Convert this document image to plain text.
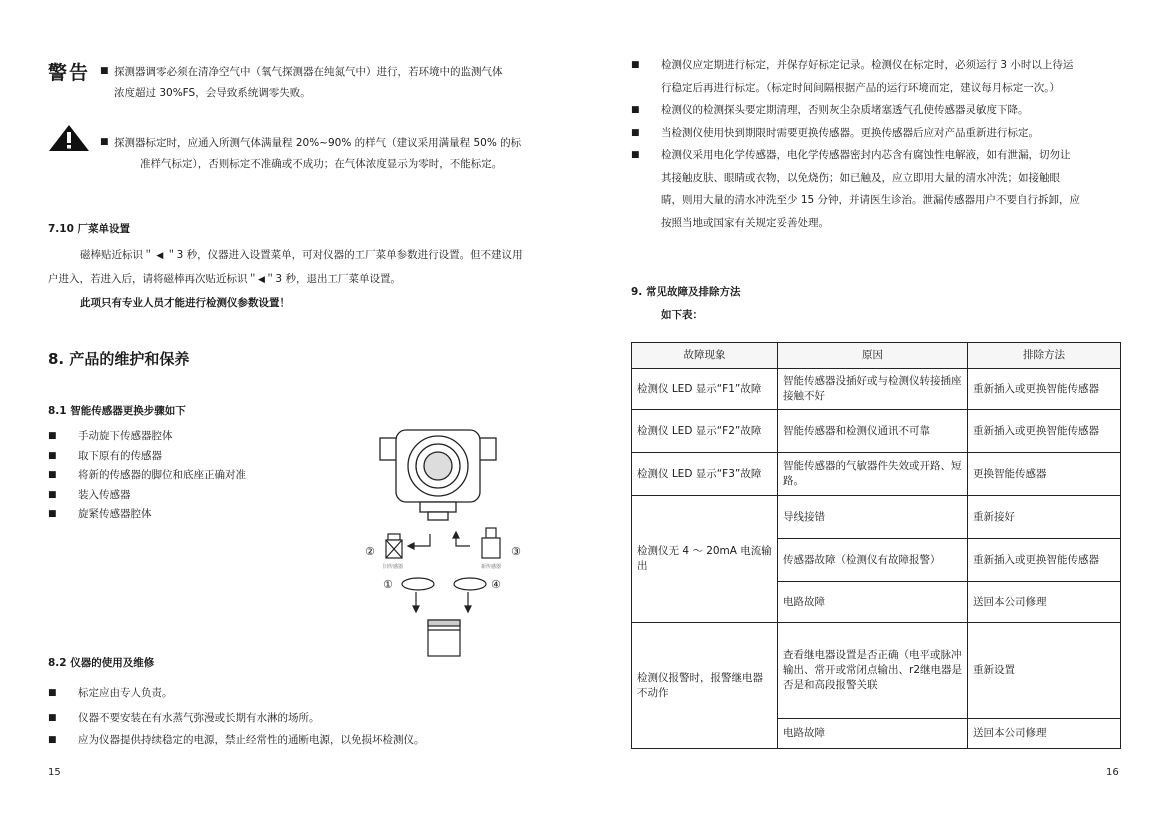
警告 ■ 探测器调零必须在清净空气中（氧气探测器在纯氮气中）进行，若环境中的监测气体
浓度超过 30%FS，会导致系统调零失败。
■ 探测器标定时，应通入所测气体满量程 20%~90% 的样气（建议采用满量程 50% 的标
准样气标定），否则标定不准确或不成功；在气体浓度显示为零时，不能标定。
7.10 厂菜单设置
磁棒贴近标识＂ ◀ ＂3 秒，仪器进入设置菜单，可对仪器的工厂菜单参数进行设置。但不建议用
户进入，若进入后，请将磁棒再次贴近标识＂◀＂3 秒，退出工厂菜单设置。
此项只有专业人员才能进行检测仪参数设置！
8. 产品的维护和保养
8.1 智能传感器更换步骤如下
■ 手动旋下传感器腔体
■ 取下原有的传感器
■ 将新的传感器的脚位和底座正确对准
■ 装入传感器
■ 旋紧传感器腔体
②	③
①	④
旧传感器	新传感器
8.2 仪器的使用及维修
■ 标定应由专人负责。
■ 仪器不要安装在有水蒸气弥漫或长期有水淋的场所。
■ 应为仪器提供持续稳定的电源，禁止经常性的通断电源，以免损坏检测仪。
15
■ 检测仪应定期进行标定，并保存好标定记录。检测仪在标定时，必须运行 3 小时以上待运
行稳定后再进行标定。（标定时间间隔根据产品的运行环境而定，建议每月标定一次。）
■ 检测仪的检测探头要定期清理，否则灰尘杂质堵塞透气孔使传感器灵敏度下降。
■ 当检测仪使用快到期限时需要更换传感器。更换传感器后应对产品重新进行标定。
■ 检测仪采用电化学传感器，电化学传感器密封内芯含有腐蚀性电解液，如有泄漏，切勿让
其接触皮肤、眼睛或衣物，以免烧伤；如已触及，应立即用大量的清水冲洗；如接触眼
睛，则用大量的清水冲洗至少 15 分钟，并请医生诊治。泄漏传感器用户不要自行拆卸，应
按照当地或国家有关规定妥善处理。
9. 常见故障及排除方法
如下表：
故障现象	原因	排除方法
检测仪 LED 显示“F1”故障	智能传感器没插好或与检测仪转接插座接触不好	重新插入或更换智能传感器
检测仪 LED 显示“F2”故障	智能传感器和检测仪通讯不可靠	重新插入或更换智能传感器
检测仪 LED 显示“F3”故障	智能传感器的气敏器件失效或开路、短路。	更换智能传感器
检测仪无 4 ～ 20mA 电流输出	导线接错	重新接好
	传感器故障（检测仪有故障报警）	重新插入或更换智能传感器
	电路故障	送回本公司修理
检测仪报警时，报警继电器不动作	查看继电器设置是否正确（电平或脉冲输出、常开或常闭点输出、r2继电器是否是和高段报警关联	重新设置
	电路故障	送回本公司修理
16
